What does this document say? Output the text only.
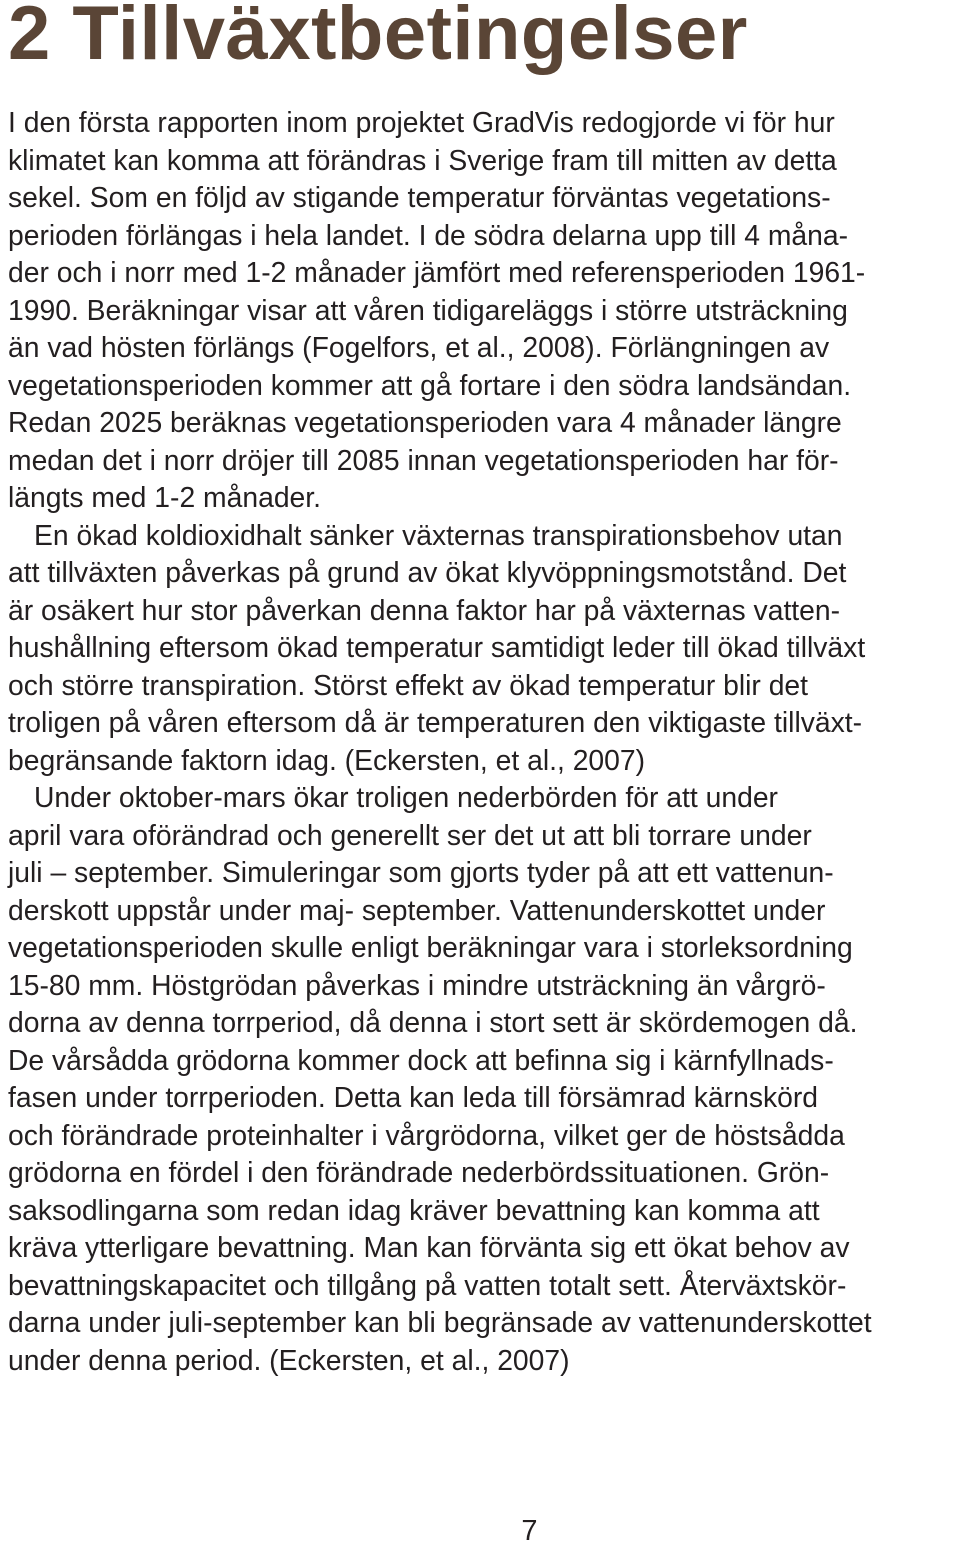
2 Tillväxtbetingelser
I den första rapporten inom projektet GradVis redogjorde vi för hur
klimatet kan komma att förändras i Sverige fram till mitten av detta
sekel. Som en följd av stigande temperatur förväntas vegetations-
perioden förlängas i hela landet. I de södra delarna upp till 4 måna-
der och i norr med 1-2 månader jämfört med referensperioden 1961-
1990. Beräkningar visar att våren tidigareläggs i större utsträckning
än vad hösten förlängs (Fogelfors, et al., 2008). Förlängningen av
vegetationsperioden kommer att gå fortare i den södra landsändan.
Redan 2025 beräknas vegetationsperioden vara 4 månader längre
medan det i norr dröjer till 2085 innan vegetationsperioden har för-
längts med 1-2 månader.
En ökad koldioxidhalt sänker växternas transpirationsbehov utan
att tillväxten påverkas på grund av ökat klyvöppningsmotstånd. Det
är osäkert hur stor påverkan denna faktor har på växternas vatten-
hushållning eftersom ökad temperatur samtidigt leder till ökad tillväxt
och större transpiration. Störst effekt av ökad temperatur blir det
troligen på våren eftersom då är temperaturen den viktigaste tillväxt-
begränsande faktorn idag. (Eckersten, et al., 2007)
Under oktober-mars ökar troligen nederbörden för att under
april vara oförändrad och generellt ser det ut att bli torrare under
juli – september. Simuleringar som gjorts tyder på att ett vattenun-
derskott uppstår under maj- september. Vattenunderskottet under
vegetationsperioden skulle enligt beräkningar vara i storleksordning
15-80 mm. Höstgrödan påverkas i mindre utsträckning än vårgrö-
dorna av denna torrperiod, då denna i stort sett är skördemogen då.
De vårsådda grödorna kommer dock att befinna sig i kärnfyllnads-
fasen under torrperioden. Detta kan leda till försämrad kärnskörd
och förändrade proteinhalter i vårgrödorna, vilket ger de höstsådda
grödorna en fördel i den förändrade nederbördssituationen. Grön-
saksodlingarna som redan idag kräver bevattning kan komma att
kräva ytterligare bevattning. Man kan förvänta sig ett ökat behov av
bevattningskapacitet och tillgång på vatten totalt sett. Återväxtskör-
darna under juli-september kan bli begränsade av vattenunderskottet
under denna period. (Eckersten, et al., 2007)
7
